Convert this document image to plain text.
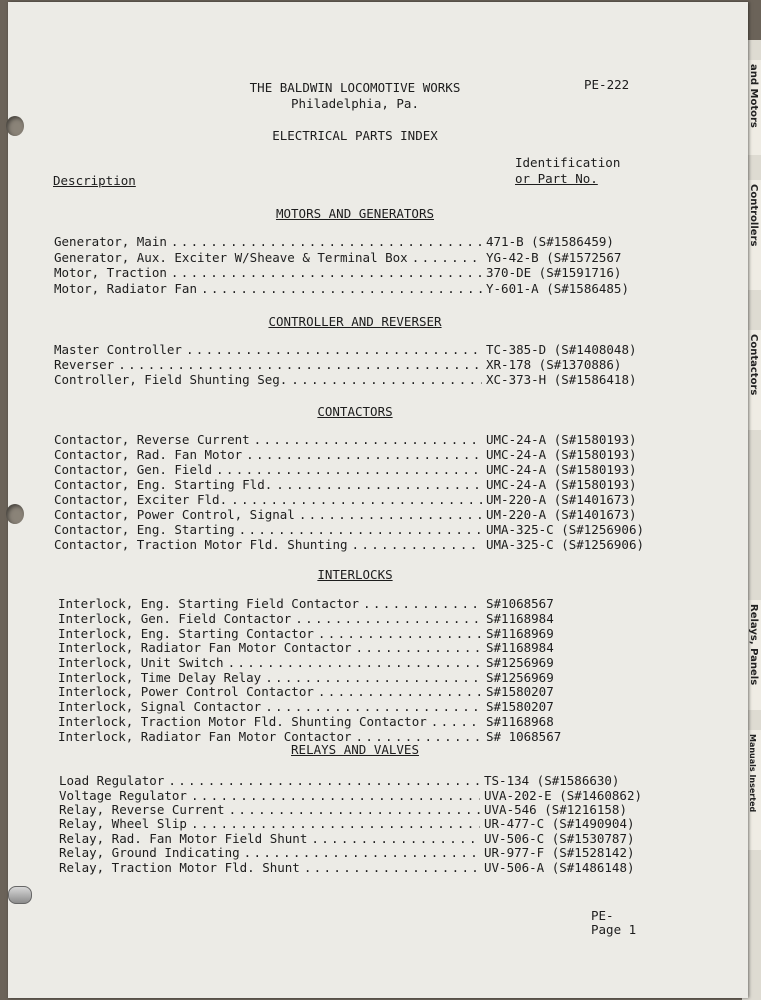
and Motors
Controllers
Contactors
Relays, Panels
Manuals Inserted
THE BALDWIN LOCOMOTIVE WORKS	PE-222
Philadelphia, Pa.
ELECTRICAL PARTS INDEX
Identification
or Part No.
Description
MOTORS AND GENERATORS
Generator, Main . . .	471-B (S#1586459)
Generator, Aux. Exciter W/Sheave & Terminal Box . . .	YG-42-B (S#1572567
Motor, Traction . . .	370-DE (S#1591716)
Motor, Radiator Fan . . .	Y-601-A (S#1586485)
CONTROLLER AND REVERSER
Master Controller . . .	TC-385-D (S#1408048)
Reverser . . .	XR-178 (S#1370886)
Controller, Field Shunting Seg. . . .	XC-373-H (S#1586418)
CONTACTORS
Contactor, Reverse Current . . .	UMC-24-A (S#1580193)
Contactor, Rad. Fan Motor . . .	UMC-24-A (S#1580193)
Contactor, Gen. Field . . .	UMC-24-A (S#1580193)
Contactor, Eng. Starting Fld. . . .	UMC-24-A (S#1580193)
Contactor, Exciter Fld. . . .	UM-220-A (S#1401673)
Contactor, Power Control, Signal . . .	UM-220-A (S#1401673)
Contactor, Eng. Starting . . .	UMA-325-C (S#1256906)
Contactor, Traction Motor Fld. Shunting . . .	UMA-325-C (S#1256906)
INTERLOCKS
Interlock, Eng. Starting Field Contactor . . .	S#1068567
Interlock, Gen. Field Contactor . . .	S#1168984
Interlock, Eng. Starting Contactor . . .	S#1168969
Interlock, Radiator Fan Motor Contactor . . .	S#1168984
Interlock, Unit Switch . . .	S#1256969
Interlock, Time Delay Relay . . .	S#1256969
Interlock, Power Control Contactor . . .	S#1580207
Interlock, Signal Contactor . . .	S#1580207
Interlock, Traction Motor Fld. Shunting Contactor . . .	S#1168968
Interlock, Radiator Fan Motor Contactor . . .	S# 1068567
RELAYS AND VALVES
Load Regulator . . .	TS-134 (S#1586630)
Voltage Regulator . . .	UVA-202-E (S#1460862)
Relay, Reverse Current . . .	UVA-546 (S#1216158)
Relay, Wheel Slip . . .	UR-477-C (S#1490904)
Relay, Rad. Fan Motor Field Shunt . . .	UV-506-C (S#1530787)
Relay, Ground Indicating . . .	UR-977-F (S#1528142)
Relay, Traction Motor Fld. Shunt . . .	UV-506-A (S#1486148)
PE-
Page 1
